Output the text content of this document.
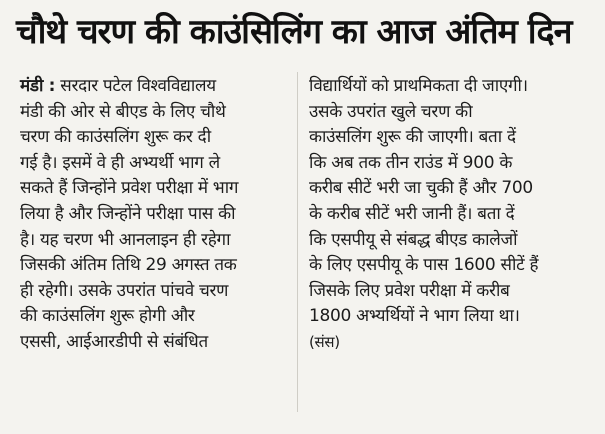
चौथे चरण की काउंसिलिंग का आज अंतिम दिन
मंडी : सरदार पटेल विश्वविद्यालय
मंडी की ओर से बीएड के लिए चौथे
चरण की काउंसलिंग शुरू कर दी
गई है। इसमें वे ही अभ्यर्थी भाग ले
सकते हैं जिन्होंने प्रवेश परीक्षा में भाग
लिया है और जिन्होंने परीक्षा पास की
है। यह चरण भी आनलाइन ही रहेगा
जिसकी अंतिम तिथि 29 अगस्त तक
ही रहेगी। उसके उपरांत पांचवे चरण
की काउंसलिंग शुरू होगी और
एससी, आईआरडीपी से संबंधित
विद्यार्थियों को प्राथमिकता दी जाएगी।
उसके उपरांत खुले चरण की
काउंसलिंग शुरू की जाएगी। बता दें
कि अब तक तीन राउंड में 900 के
करीब सीटें भरी जा चुकी हैं और 700
के करीब सीटें भरी जानी हैं। बता दें
कि एसपीयू से संबद्ध बीएड कालेजों
के लिए एसपीयू के पास 1600 सीटें हैं
जिसके लिए प्रवेश परीक्षा में करीब
1800 अभ्यर्थियों ने भाग लिया था।
(संस)
